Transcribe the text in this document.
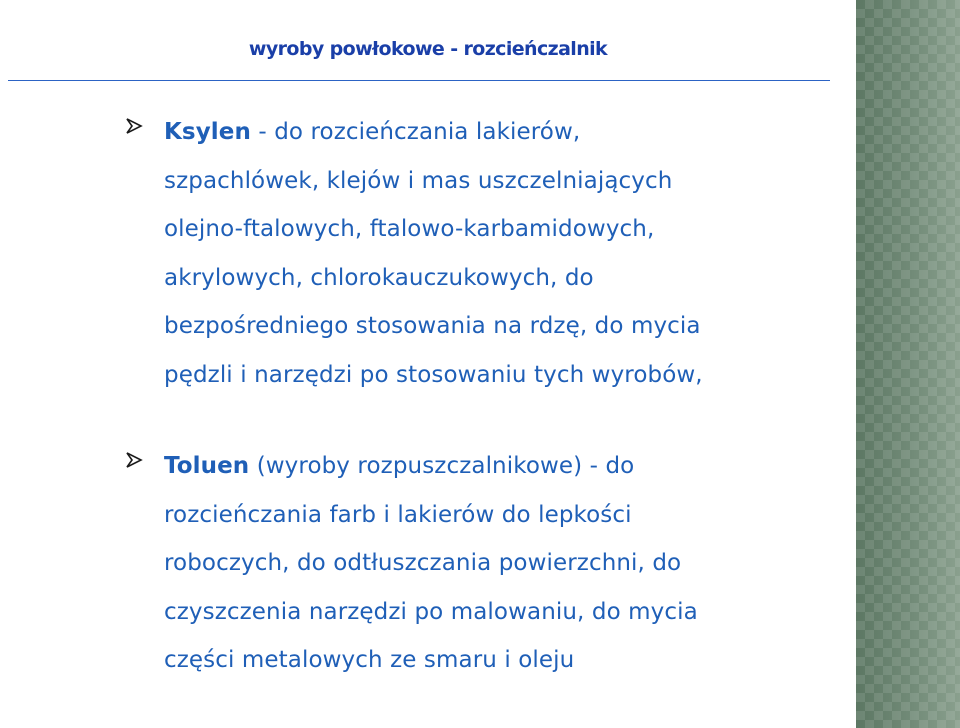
wyroby powłokowe - rozcieńczalnik

Ksylen - do rozcieńczania lakierów,
szpachlówek, klejów i mas uszczelniających
olejno-ftalowych, ftalowo-karbamidowych,
akrylowych, chlorokauczukowych, do
bezpośredniego stosowania na rdzę, do mycia
pędzli i narzędzi po stosowaniu tych wyrobów,

Toluen (wyroby rozpuszczalnikowe) - do
rozcieńczania farb i lakierów do lepkości
roboczych, do odtłuszczania powierzchni, do
czyszczenia narzędzi po malowaniu, do mycia
części metalowych ze smaru i oleju
